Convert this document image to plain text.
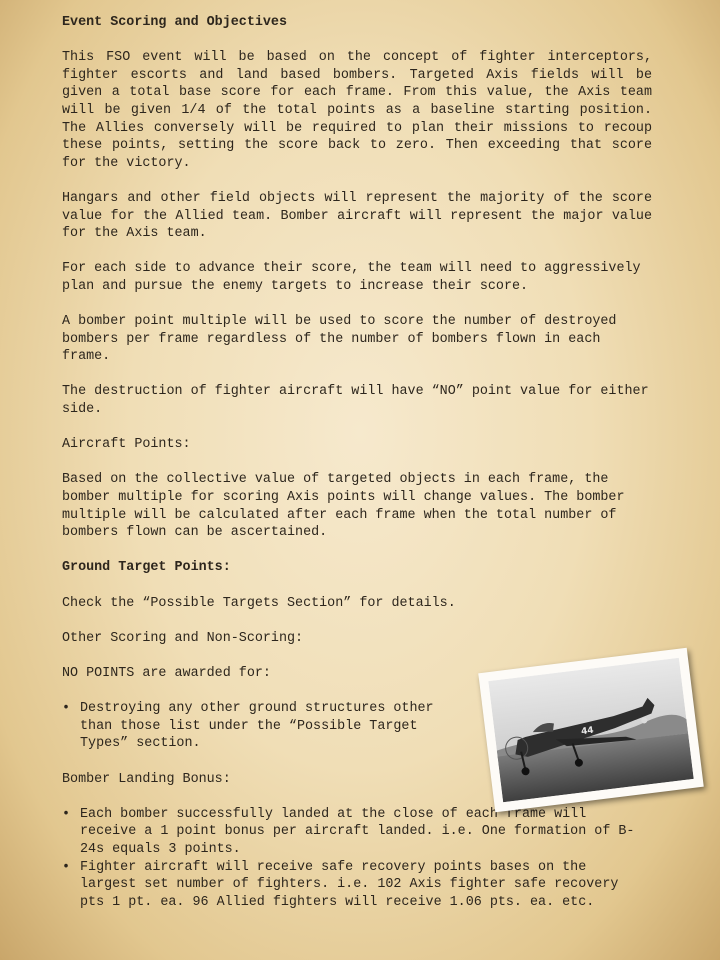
Event Scoring and Objectives

This FSO event will be based on the concept of fighter interceptors, fighter escorts and land based bombers. Targeted Axis fields will be given a total base score for each frame. From this value, the Axis team will be given 1/4 of the total points as a baseline starting position. The Allies conversely will be required to plan their missions to recoup these points, setting the score back to zero. Then exceeding that score for the victory.

Hangars and other field objects will represent the majority of the score value for the Allied team. Bomber aircraft will represent the major value for the Axis team.

For each side to advance their score, the team will need to aggressively plan and pursue the enemy targets to increase their score.

A bomber point multiple will be used to score the number of destroyed bombers per frame regardless of the number of bombers flown in each frame.

The destruction of fighter aircraft will have “NO” point value for either side.

Aircraft Points:

Based on the collective value of targeted objects in each frame, the bomber multiple for scoring Axis points will change values. The bomber multiple will be calculated after each frame when the total number of bombers flown can be ascertained.

Ground Target Points:

Check the “Possible Targets Section” for details.

Other Scoring and Non-Scoring:

NO POINTS are awarded for:

• Destroying any other ground structures other than those list under the “Possible Target Types” section.

Bomber Landing Bonus:

• Each bomber successfully landed at the close of each frame will receive a 1 point bonus per aircraft landed. i.e. One formation of B-24s equals 3 points.
• Fighter aircraft will receive safe recovery points bases on the largest set number of fighters. i.e. 102 Axis fighter safe recovery pts 1 pt. ea. 96 Allied fighters will receive 1.06 pts. ea. etc.
44
